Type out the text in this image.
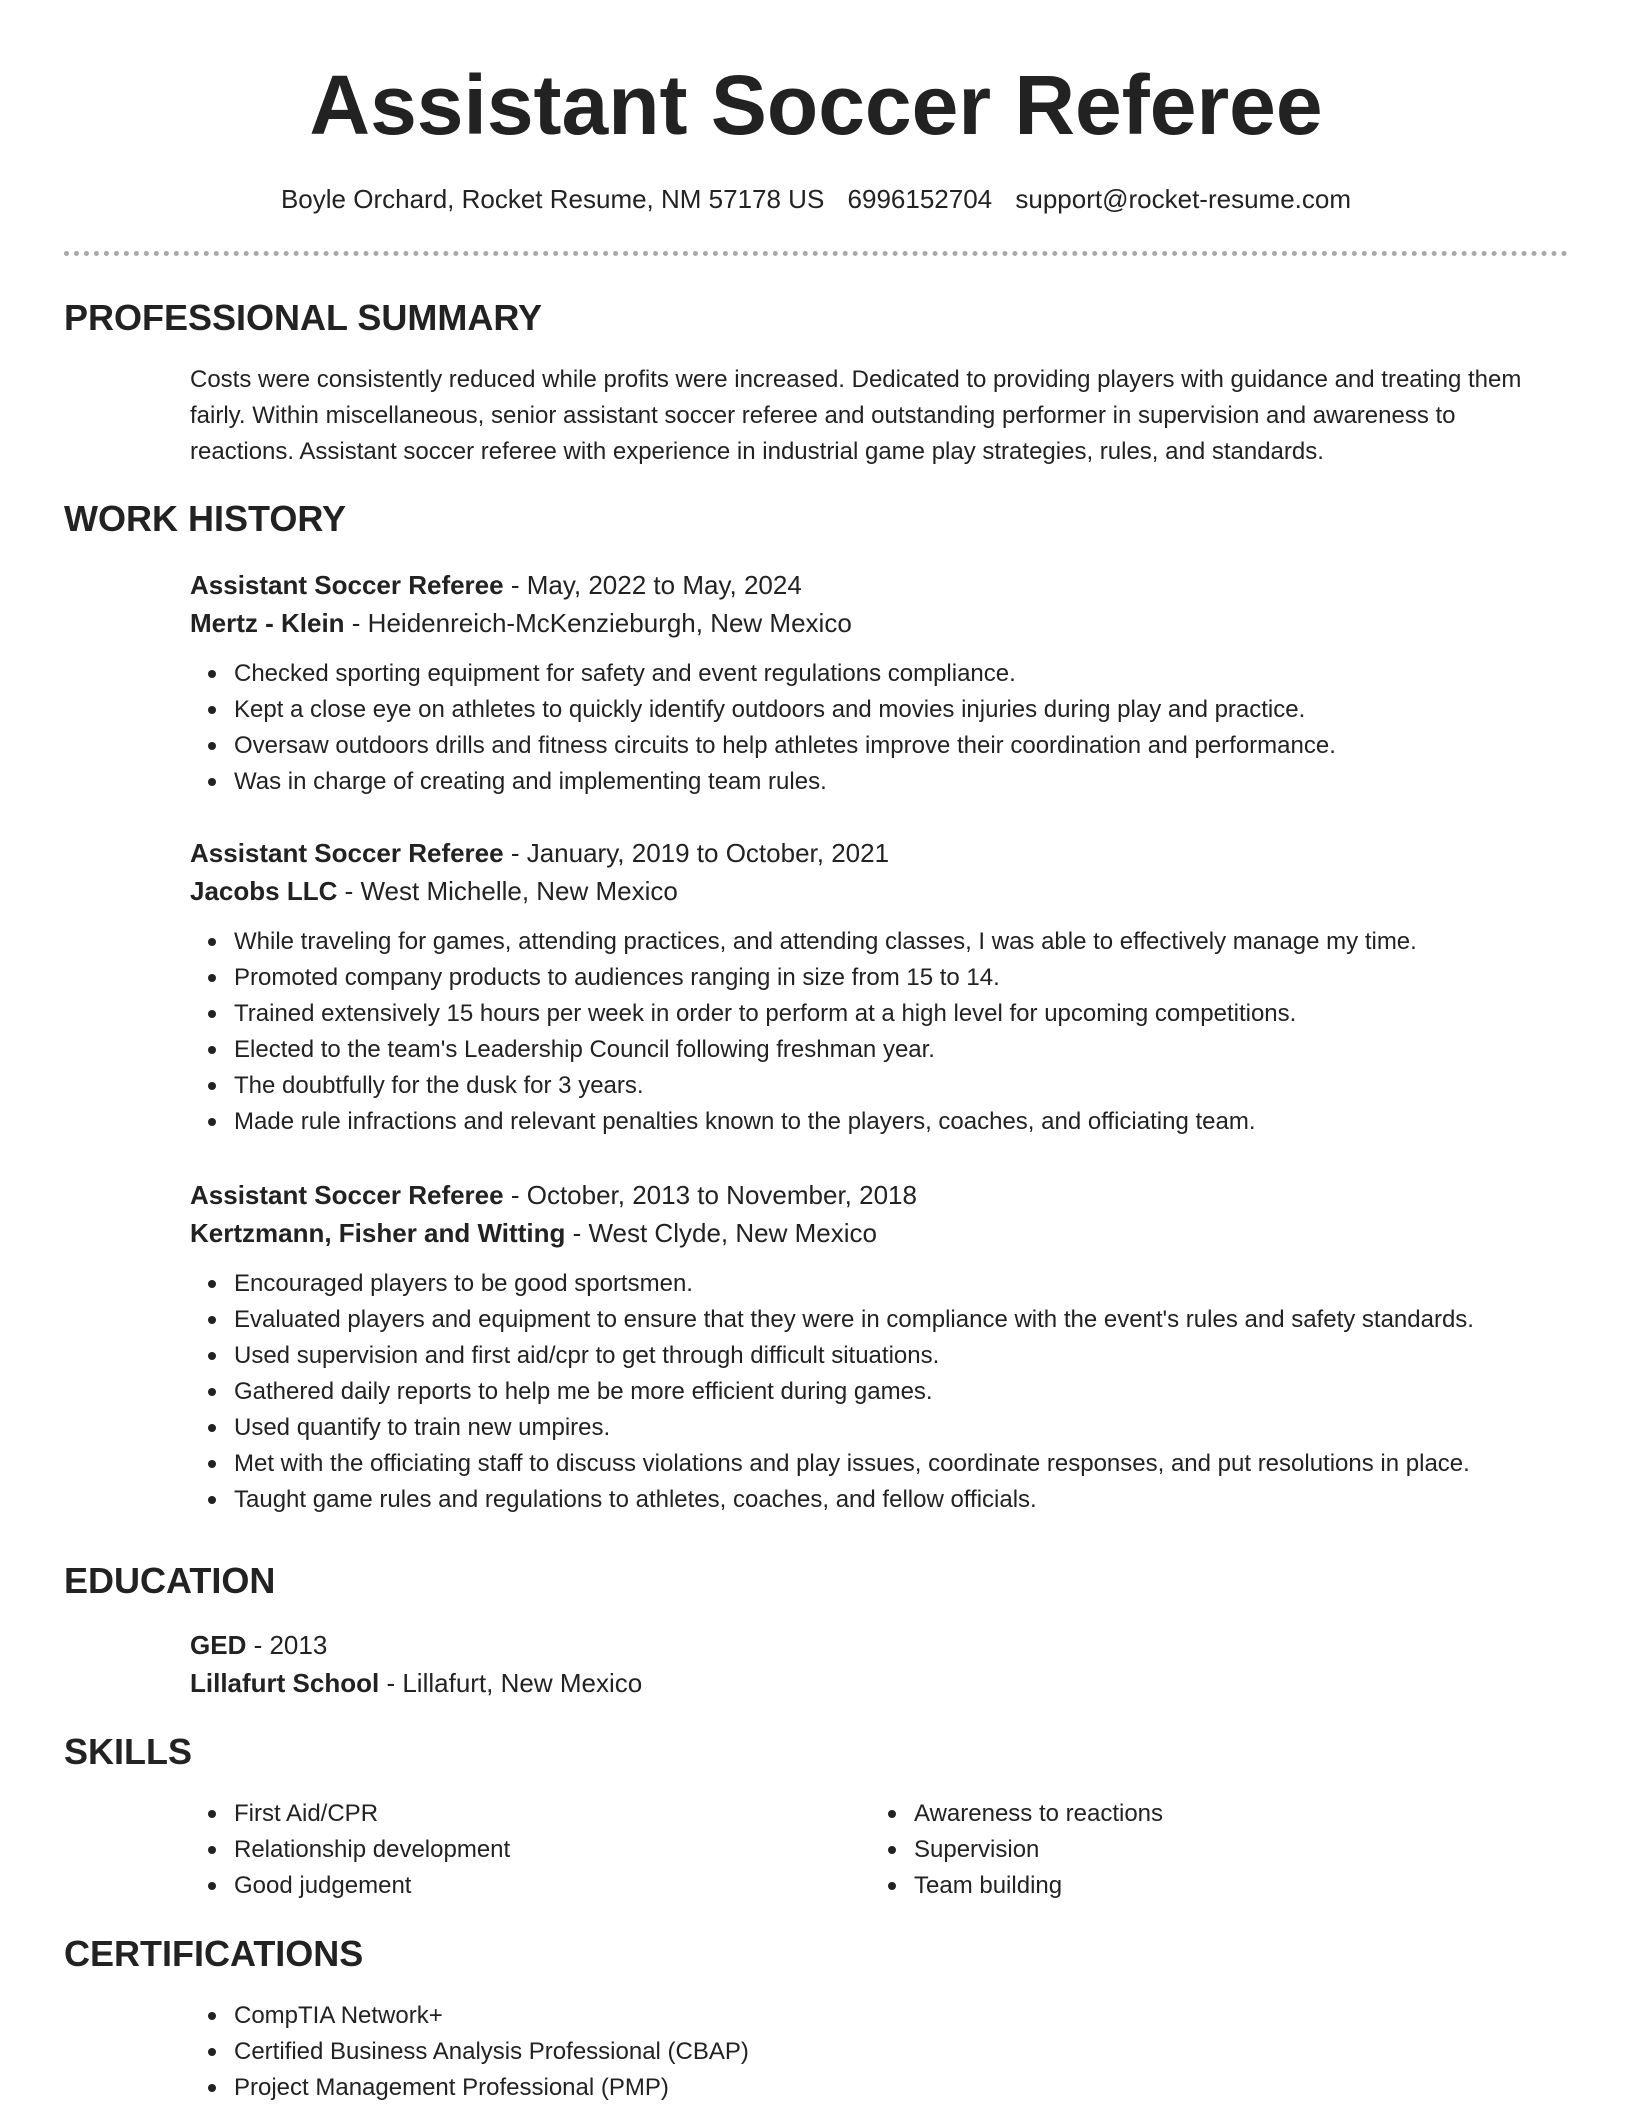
Assistant Soccer Referee
Boyle Orchard, Rocket Resume, NM 57178 US 6996152704 support@rocket-resume.com
PROFESSIONAL SUMMARY

Costs were consistently reduced while profits were increased. Dedicated to providing players with guidance and treating them fairly. Within miscellaneous, senior assistant soccer referee and outstanding performer in supervision and awareness to reactions. Assistant soccer referee with experience in industrial game play strategies, rules, and standards.

WORK HISTORY

Assistant Soccer Referee - May, 2022 to May, 2024

Mertz - Klein - Heidenreich-McKenzieburgh, New Mexico

Checked sporting equipment for safety and event regulations compliance.
Kept a close eye on athletes to quickly identify outdoors and movies injuries during play and practice.
Oversaw outdoors drills and fitness circuits to help athletes improve their coordination and performance.
Was in charge of creating and implementing team rules.

Assistant Soccer Referee - January, 2019 to October, 2021

Jacobs LLC - West Michelle, New Mexico

While traveling for games, attending practices, and attending classes, I was able to effectively manage my time.
Promoted company products to audiences ranging in size from 15 to 14.
Trained extensively 15 hours per week in order to perform at a high level for upcoming competitions.
Elected to the team's Leadership Council following freshman year.
The doubtfully for the dusk for 3 years.
Made rule infractions and relevant penalties known to the players, coaches, and officiating team.

Assistant Soccer Referee - October, 2013 to November, 2018

Kertzmann, Fisher and Witting - West Clyde, New Mexico

Encouraged players to be good sportsmen.
Evaluated players and equipment to ensure that they were in compliance with the event's rules and safety standards.
Used supervision and first aid/cpr to get through difficult situations.
Gathered daily reports to help me be more efficient during games.
Used quantify to train new umpires.
Met with the officiating staff to discuss violations and play issues, coordinate responses, and put resolutions in place.
Taught game rules and regulations to athletes, coaches, and fellow officials.
EDUCATION

GED - 2013

Lillafurt School - Lillafurt, New Mexico

SKILLS
First Aid/CPR
Relationship development
Good judgement
Awareness to reactions
Supervision
Team building
CERTIFICATIONS
CompTIA Network+
Certified Business Analysis Professional (CBAP)
Project Management Professional (PMP)
